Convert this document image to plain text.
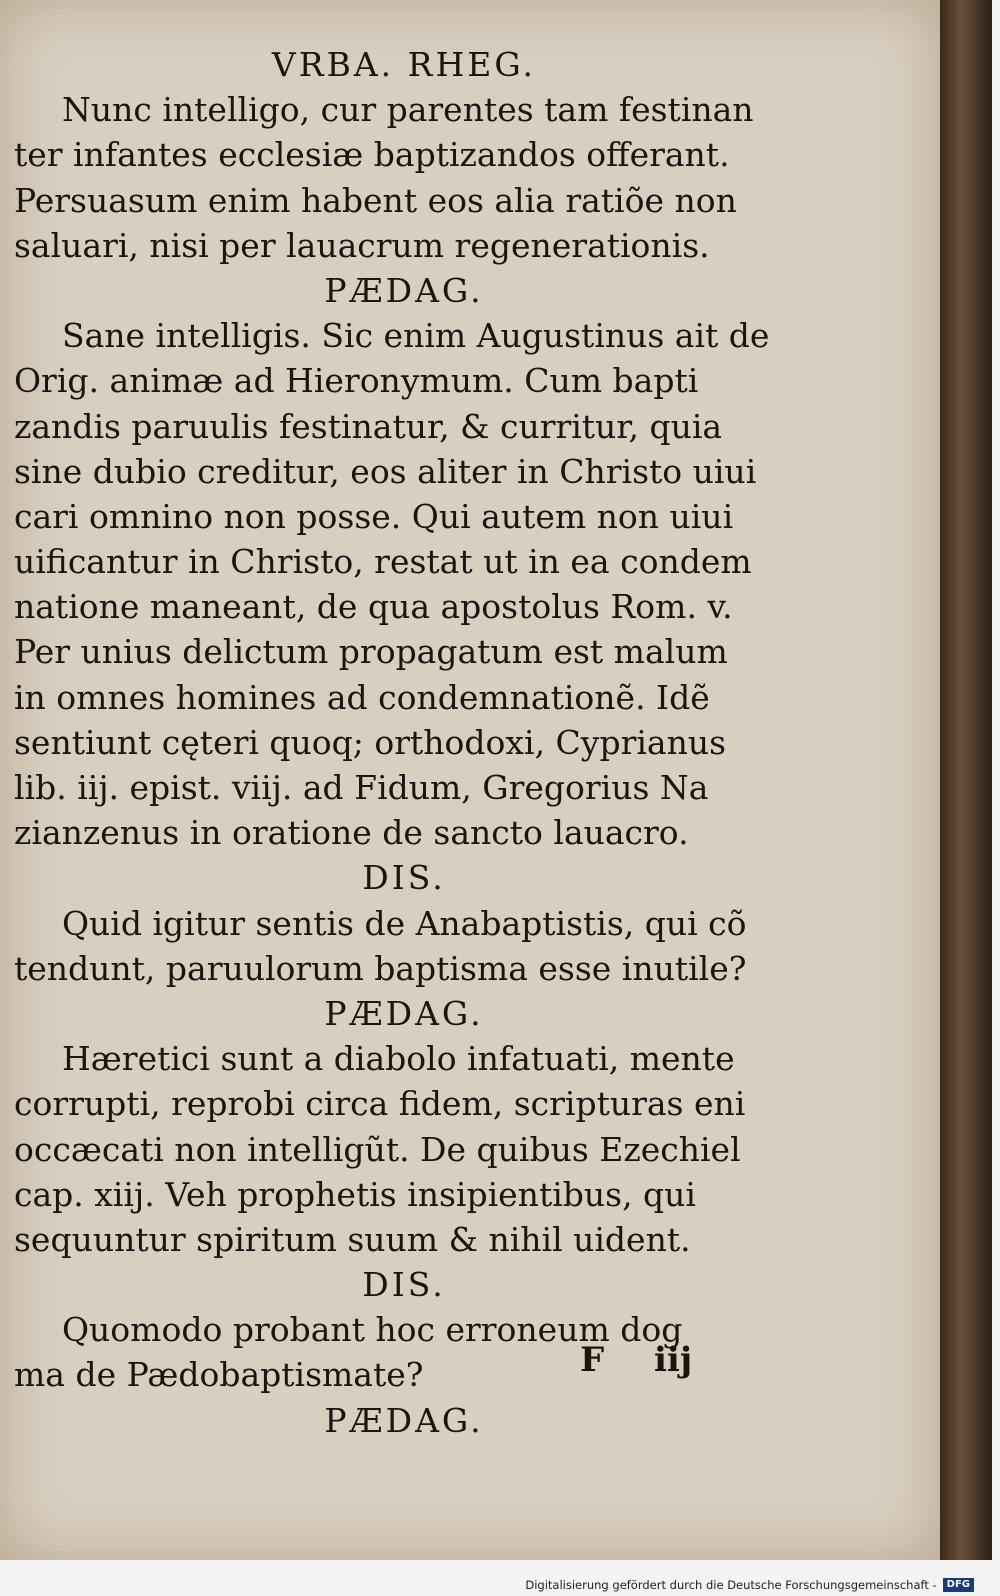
VRBA. RHEG.
Nunc intelligo, cur parentes tam festinan
ter infantes ecclesiæ baptizandos offerant.
Persuasum enim habent eos alia ratiõe non
saluari, nisi per lauacrum regenerationis.
PÆDAG.
Sane intelligis. Sic enim Augustinus ait de
Orig. animæ ad Hieronymum. Cum bapti
zandis paruulis festinatur, & curritur, quia
sine dubio creditur, eos aliter in Christo uiui
cari omnino non posse. Qui autem non uiui
uificantur in Christo, restat ut in ea condem
natione maneant, de qua apostolus Rom. v.
Per unius delictum propagatum est malum
in omnes homines ad condemnationẽ. Idẽ
sentiunt cęteri quoq; orthodoxi, Cyprianus
lib. iij. epist. viij. ad Fidum, Gregorius Na
zianzenus in oratione de sancto lauacro.
DIS.
Quid igitur sentis de Anabaptistis, qui cõ
tendunt, paruulorum baptisma esse inutile?
PÆDAG.
Hæretici sunt a diabolo infatuati, mente
corrupti, reprobi circa fidem, scripturas eni
occæcati non intelligũt. De quibus Ezechiel
cap. xiij. Veh prophetis insipientibus, qui
sequuntur spiritum suum & nihil uident.
DIS.
Quomodo probant hoc erroneum dog
ma de Pædobaptismate?
PÆDAG.
F iij
Digitalisierung gefördert durch die Deutsche Forschungsgemeinschaft -	DFG
